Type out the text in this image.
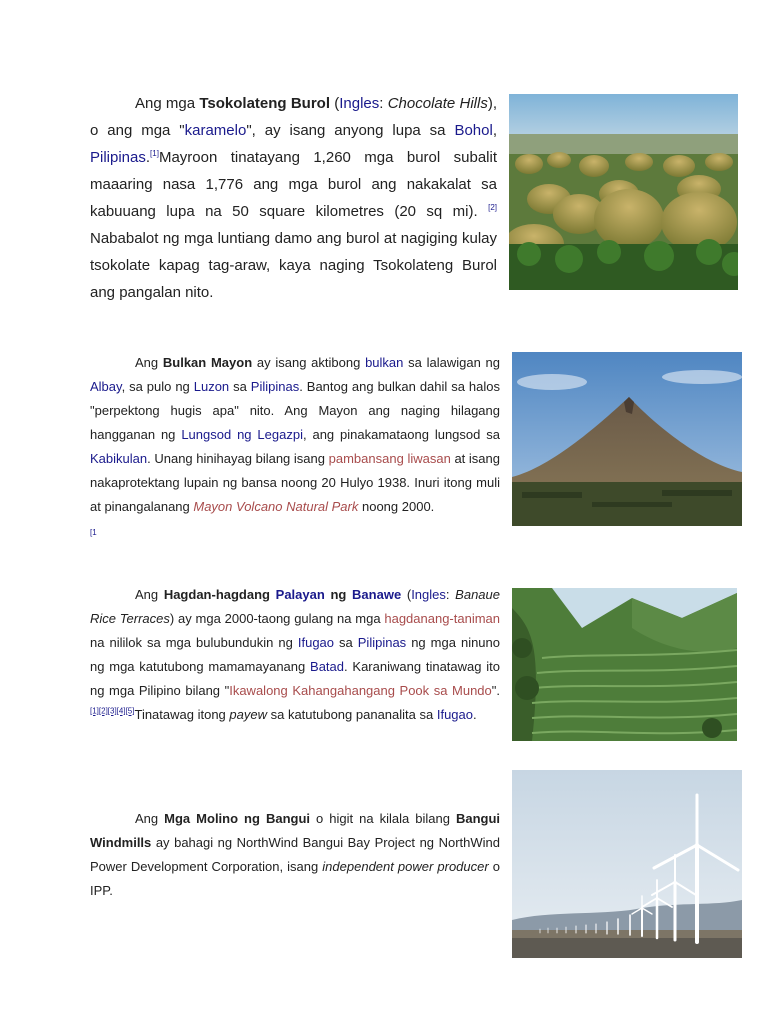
Ang mga Tsokolateng Burol (Ingles: Chocolate Hills), o ang mga "karamelo", ay isang anyong lupa sa Bohol, Pilipinas.[1]Mayroon tinatayang 1,260 mga burol subalit maaaring nasa 1,776 ang mga burol ang nakakalat sa kabuuang lupa na 50 square kilometres (20 sq mi). [2] Nababalot ng mga luntiang damo ang burol at nagiging kulay tsokolate kapag tag-araw, kaya naging Tsokolateng Burol ang pangalan nito.

Ang Bulkan Mayon ay isang aktibong bulkan sa lalawigan ng Albay, sa pulo ng Luzon sa Pilipinas. Bantog ang bulkan dahil sa halos "perpektong hugis apa" nito. Ang Mayon ang naging hilagang hangganan ng Lungsod ng Legazpi, ang pinakamataong lungsod sa Kabikulan. Unang hinihayag bilang isang pambansang liwasan at isang nakaprotektang lupain ng bansa noong 20 Hulyo 1938. Inuri itong muli at pinangalanang Mayon Volcano Natural Park noong 2000.
[1

Ang Hagdan-hagdang Palayan ng Banawe (Ingles: Banaue Rice Terraces) ay mga 2000-taong gulang na mga hagdanang-taniman na nililok sa mga bulubundukin ng Ifugao sa Pilipinas ng mga ninuno ng mga katutubong mamamayanang Batad. Karaniwang tinatawag ito ng mga Pilipino bilang "Ikawalong Kahangahangang Pook sa Mundo".[1][2][3][4][5]Tinatawag itong payew sa katutubong pananalita sa Ifugao.

Ang Mga Molino ng Bangui o higit na kilala bilang Bangui Windmills ay bahagi ng NorthWind Bangui Bay Project ng NorthWind Power Development Corporation, isang independent power producer o IPP.
